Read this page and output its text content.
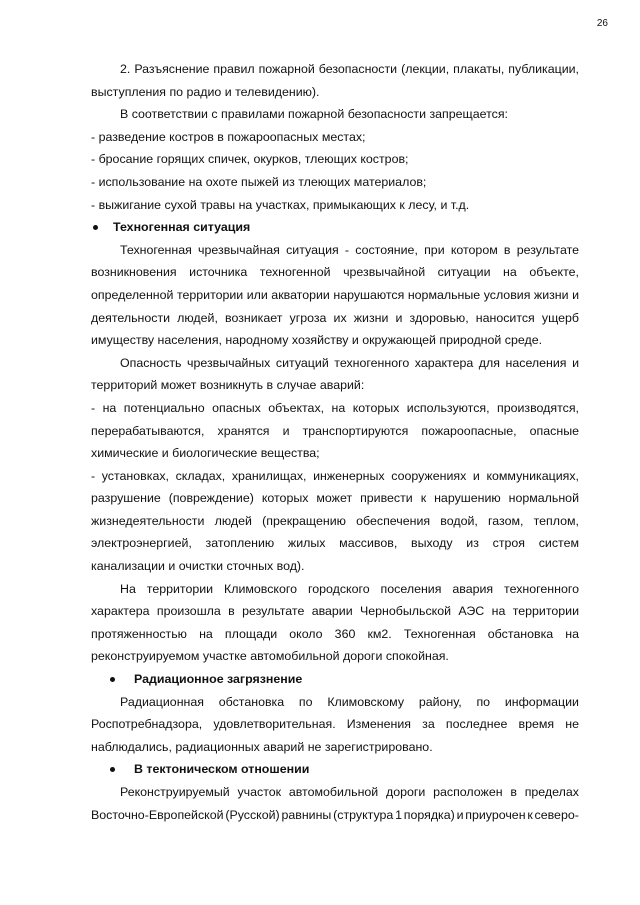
26

2. Разъяснение правил пожарной безопасности (лекции, плакаты, публикации, выступления по радио и телевидению).

В соответствии с правилами пожарной безопасности запрещается:

- разведение костров в пожароопасных местах;
- бросание горящих спичек, окурков, тлеющих костров;
- использование на охоте пыжей из тлеющих материалов;
- выжигание сухой травы на участках, примыкающих к лесу, и т.д.
Техногенная ситуация

Техногенная чрезвычайная ситуация - состояние, при котором в результате возникновения источника техногенной чрезвычайной ситуации на объекте, определенной территории или акватории нарушаются нормальные условия жизни и деятельности людей, возникает угроза их жизни и здоровью, наносится ущерб имуществу населения, народному хозяйству и окружающей природной среде.

Опасность чрезвычайных ситуаций техногенного характера для населения и территорий может возникнуть в случае аварий:

- на потенциально опасных объектах, на которых используются, производятся, перерабатываются, хранятся и транспортируются пожароопасные, опасные химические и биологические вещества;

- установках, складах, хранилищах, инженерных сооружениях и коммуникациях, разрушение (повреждение) которых может привести к нарушению нормальной жизнедеятельности людей (прекращению обеспечения водой, газом, теплом, электроэнергией, затоплению жилых массивов, выходу из строя систем канализации и очистки сточных вод).

На территории Климовского городского поселения авария техногенного характера произошла в результате аварии Чернобыльской АЭС на территории протяженностью на площади около 360 км2. Техногенная обстановка на реконструируемом участке автомобильной дороги спокойная.

Радиационное загрязнение
Радиационная обстановка по Климовскому району, по информации
Роспотребнадзора, удовлетворительная. Изменения за последнее время не
наблюдались, радиационных аварий не зарегистрировано.
В тектоническом отношении
Реконструируемый участок автомобильной дороги расположен в пределах
Восточно-Европейской (Русской) равнины (структура 1 порядка) и приурочен к северо-
